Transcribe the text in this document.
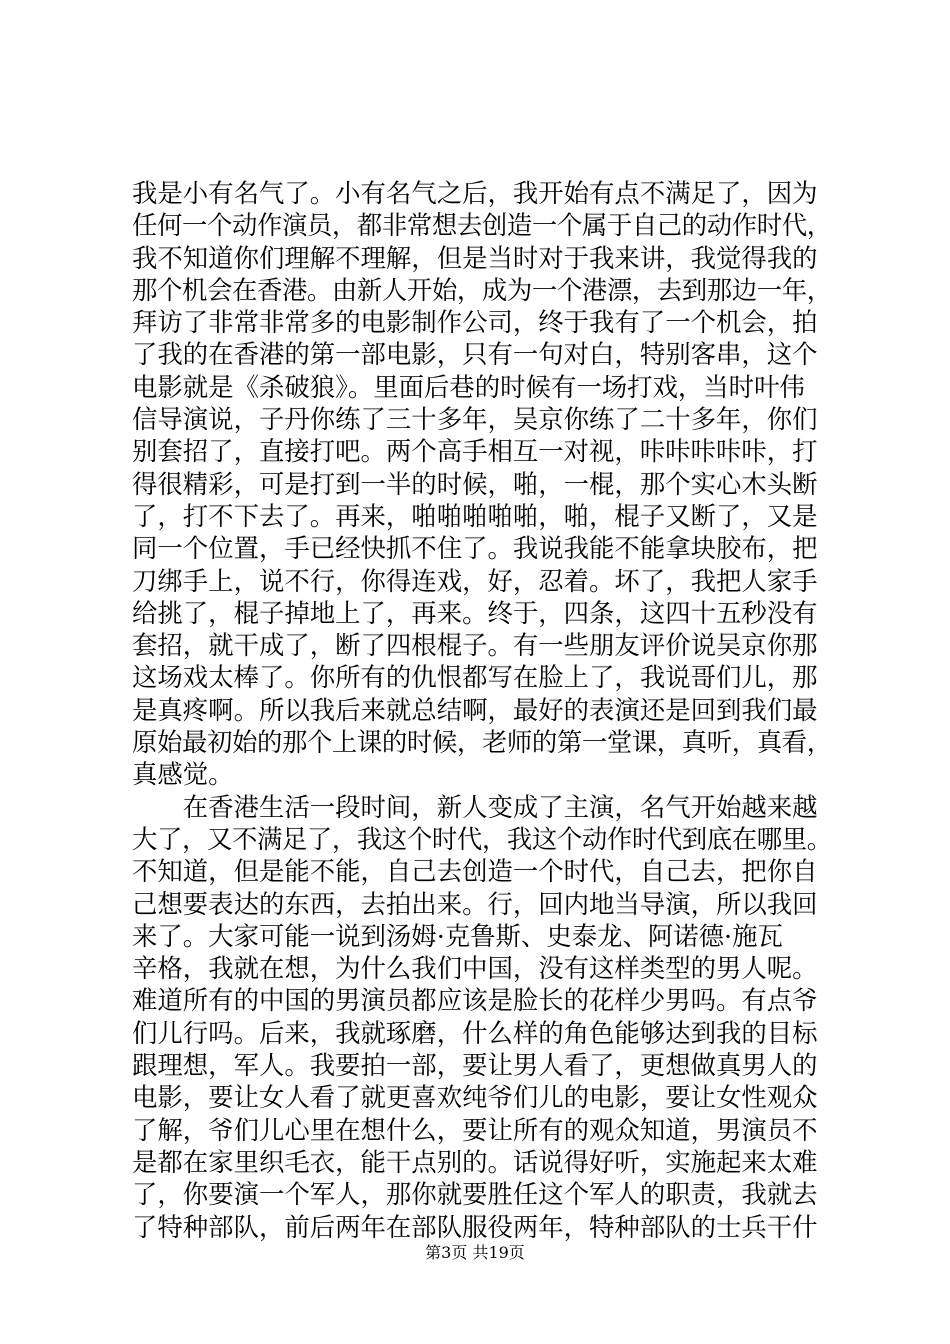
我是小有名气了。小有名气之后，我开始有点不满足了，因为
任何一个动作演员，都非常想去创造一个属于自己的动作时代，
我不知道你们理解不理解，但是当时对于我来讲，我觉得我的
那个机会在香港。由新人开始，成为一个港漂，去到那边一年，
拜访了非常非常多的电影制作公司，终于我有了一个机会，拍
了我的在香港的第一部电影，只有一句对白，特别客串，这个
电影就是《杀破狼》。里面后巷的时候有一场打戏，当时叶伟
信导演说，子丹你练了三十多年，吴京你练了二十多年，你们
别套招了，直接打吧。两个高手相互一对视，咔咔咔咔咔，打
得很精彩，可是打到一半的时候，啪，一棍，那个实心木头断
了，打不下去了。再来，啪啪啪啪啪，啪，棍子又断了，又是
同一个位置，手已经快抓不住了。我说我能不能拿块胶布，把
刀绑手上，说不行，你得连戏，好，忍着。坏了，我把人家手
给挑了，棍子掉地上了，再来。终于，四条，这四十五秒没有
套招，就干成了，断了四根棍子。有一些朋友评价说吴京你那
这场戏太棒了。你所有的仇恨都写在脸上了，我说哥们儿，那
是真疼啊。所以我后来就总结啊，最好的表演还是回到我们最
原始最初始的那个上课的时候，老师的第一堂课，真听，真看，
真感觉。
　　在香港生活一段时间，新人变成了主演，名气开始越来越
大了，又不满足了，我这个时代，我这个动作时代到底在哪里。
不知道，但是能不能，自己去创造一个时代，自己去，把你自
己想要表达的东西，去拍出来。行，回内地当导演，所以我回
来了。大家可能一说到汤姆·克鲁斯、史泰龙、阿诺德·施瓦
辛格，我就在想，为什么我们中国，没有这样类型的男人呢。
难道所有的中国的男演员都应该是脸长的花样少男吗。有点爷
们儿行吗。后来，我就琢磨，什么样的角色能够达到我的目标
跟理想，军人。我要拍一部，要让男人看了，更想做真男人的
电影，要让女人看了就更喜欢纯爷们儿的电影，要让女性观众
了解，爷们儿心里在想什么，要让所有的观众知道，男演员不
是都在家里织毛衣，能干点别的。话说得好听，实施起来太难
了，你要演一个军人，那你就要胜任这个军人的职责，我就去
了特种部队，前后两年在部队服役两年，特种部队的士兵干什
第3页 共19页
